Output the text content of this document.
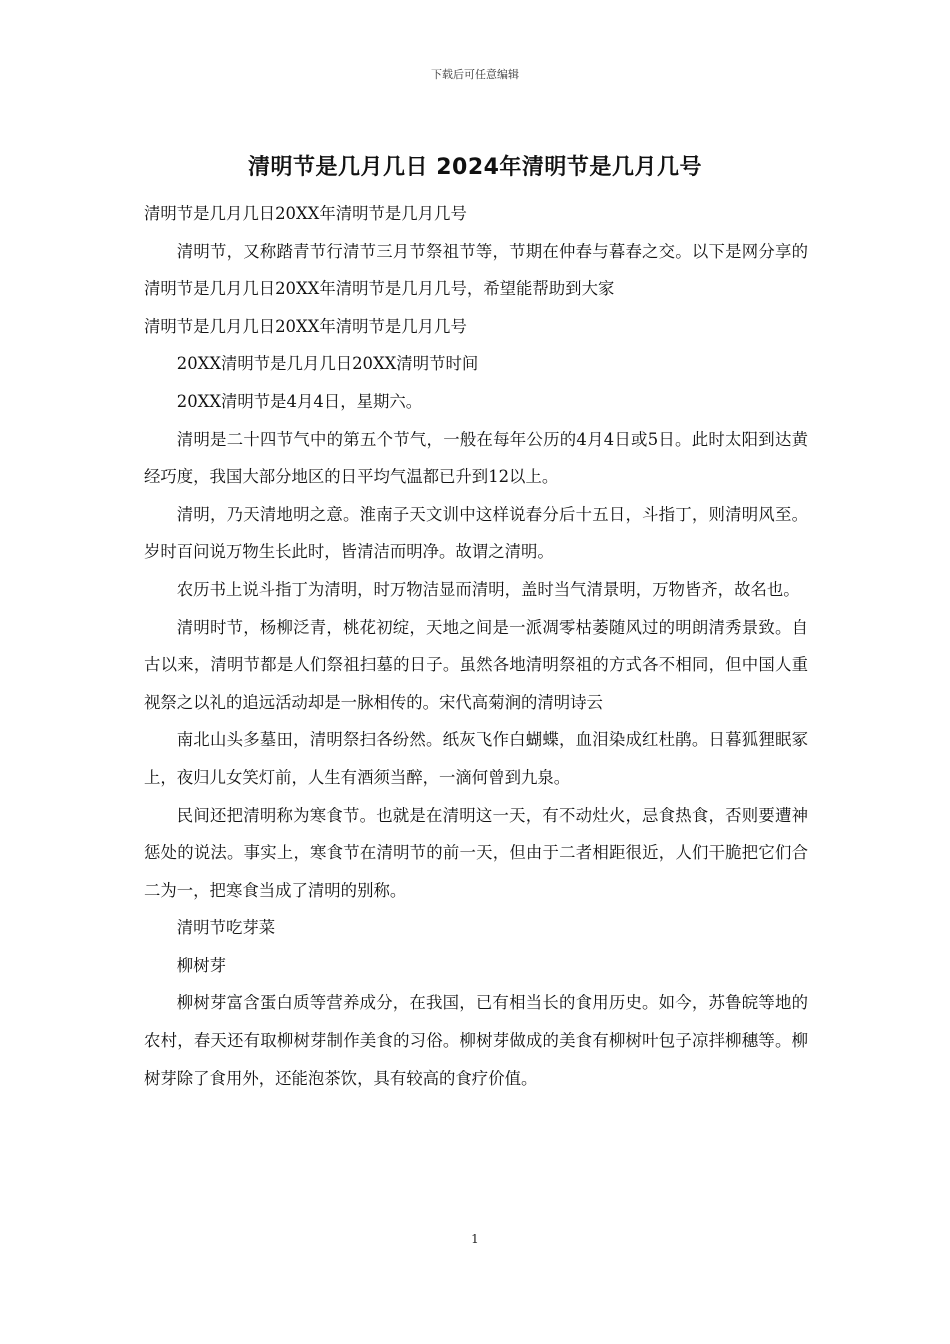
下载后可任意编辑
清明节是几月几日 2024年清明节是几月几号

清明节是几月几日20XX年清明节是几月几号

清明节，又称踏青节行清节三月节祭祖节等，节期在仲春与暮春之交。以下是网分享的清明节是几月几日20XX年清明节是几月几号，希望能帮助到大家

清明节是几月几日20XX年清明节是几月几号

20XX清明节是几月几日20XX清明节时间

20XX清明节是4月4日，星期六。

清明是二十四节气中的第五个节气，一般在每年公历的4月4日或5日。此时太阳到达黄经巧度，我国大部分地区的日平均气温都已升到12以上。

清明，乃天清地明之意。淮南子天文训中这样说春分后十五日，斗指丁，则清明风至。岁时百问说万物生长此时，皆清洁而明净。故谓之清明。

农历书上说斗指丁为清明，时万物洁显而清明，盖时当气清景明，万物皆齐，故名也。

清明时节，杨柳泛青，桃花初绽，天地之间是一派凋零枯萎随风过的明朗清秀景致。自古以来，清明节都是人们祭祖扫墓的日子。虽然各地清明祭祖的方式各不相同，但中国人重视祭之以礼的追远活动却是一脉相传的。宋代高菊涧的清明诗云

南北山头多墓田，清明祭扫各纷然。纸灰飞作白蝴蝶，血泪染成红杜鹃。日暮狐狸眠冢上，夜归儿女笑灯前，人生有酒须当醉，一滴何曾到九泉。

民间还把清明称为寒食节。也就是在清明这一天，有不动灶火，忌食热食，否则要遭神惩处的说法。事实上，寒食节在清明节的前一天，但由于二者相距很近，人们干脆把它们合二为一，把寒食当成了清明的别称。

清明节吃芽菜

柳树芽

柳树芽富含蛋白质等营养成分，在我国，已有相当长的食用历史。如今，苏鲁皖等地的农村，春天还有取柳树芽制作美食的习俗。柳树芽做成的美食有柳树叶包子凉拌柳穗等。柳树芽除了食用外，还能泡茶饮，具有较高的食疗价值。

1
